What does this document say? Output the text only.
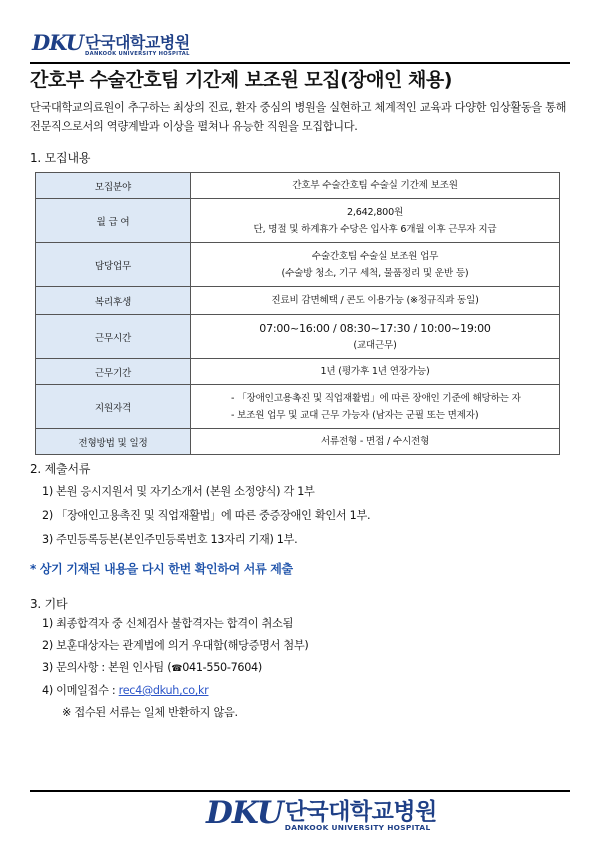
DKU 단국대학교병원
DANKOOK UNIVERSITY HOSPITAL
간호부 수술간호팀 기간제 보조원 모집(장애인 채용)
단국대학교의료원이 추구하는 최상의 진료, 환자 중심의 병원을 실현하고 체계적인 교육과 다양한 임상활동을 통해 전문직으로서의 역량계발과 이상을 펼쳐나 유능한 직원을 모집합니다.
1. 모집내용
모집분야	간호부 수술간호팀 수술실 기간제 보조원

월 급 여	2,642,800원
단, 명절 및 하계휴가 수당은 입사후 6개월 이후 근무자 지급

담당업무	수술간호팀 수술실 보조원 업무
(수술방 청소, 기구 세척, 물품정리 및 운반 등)

복리후생	진료비 감면혜택 / 콘도 이용가능 (※정규직과 동일)

근무시간	07:00~16:00 / 08:30~17:30 / 10:00~19:00
(교대근무)

근무기간	1년 (평가후 1년 연장가능)

지원자격	- 「장애인고용촉진 및 직업재활법」에 따른 장애인 기준에 해당하는 자
- 보조원 업무 및 교대 근무 가능자 (남자는 군필 또는 면제자)

전형방법 및 일정	서류전형 - 면접 / 수시전형
2. 제출서류
1) 본원 응시지원서 및 자기소개서 (본원 소정양식) 각 1부
2) 「장애인고용촉진 및 직업재활법」에 따른 중증장애인 확인서 1부.
3) 주민등록등본(본인주민등록번호 13자리 기재) 1부.
* 상기 기재된 내용을 다시 한번 확인하여 서류 제출
3. 기타
1) 최종합격자 중 신체검사 불합격자는 합격이 취소됨
2) 보훈대상자는 관계법에 의거 우대함(해당증명서 첨부)
3) 문의사항 : 본원 인사팀 (☎041-550-7604)
4) 이메일접수 : rec4@dkuh,co,kr
※ 접수된 서류는 일체 반환하지 않음.
DKU 단국대학교병원
DANKOOK UNIVERSITY HOSPITAL
